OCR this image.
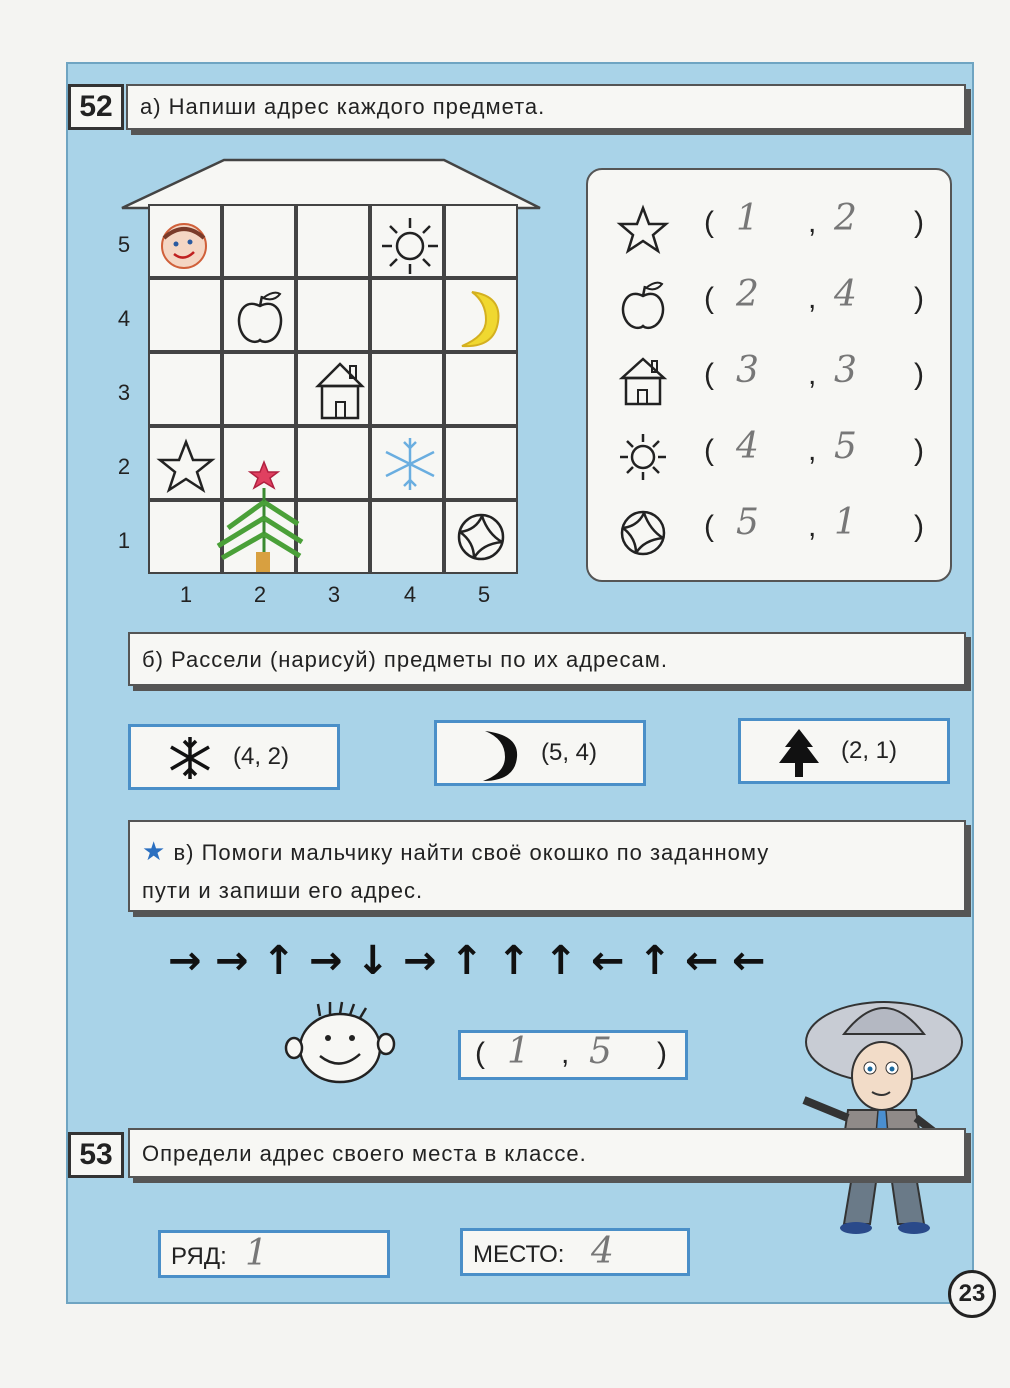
52	а) Напиши адрес каждого предмета.
5
4
3
2
1
1	2	3	4	5
( 1 , 2 )
( 2 , 4 )
( 3 , 3 )
( 4 , 5 )
( 5 , 1 )
б) Рассели (нарисуй) предметы по их адресам.
(4, 2)	(5, 4)	(2, 1)
★ в) Помоги мальчику найти своё окошко по заданному
пути и запиши его адрес.
→ → ↑ → ↓ → ↑ ↑ ↑ ← ↑ ← ←
( 1 , 5 )
53	Определи адрес своего места в классе.
РЯД: 1	МЕСТО: 4
23
